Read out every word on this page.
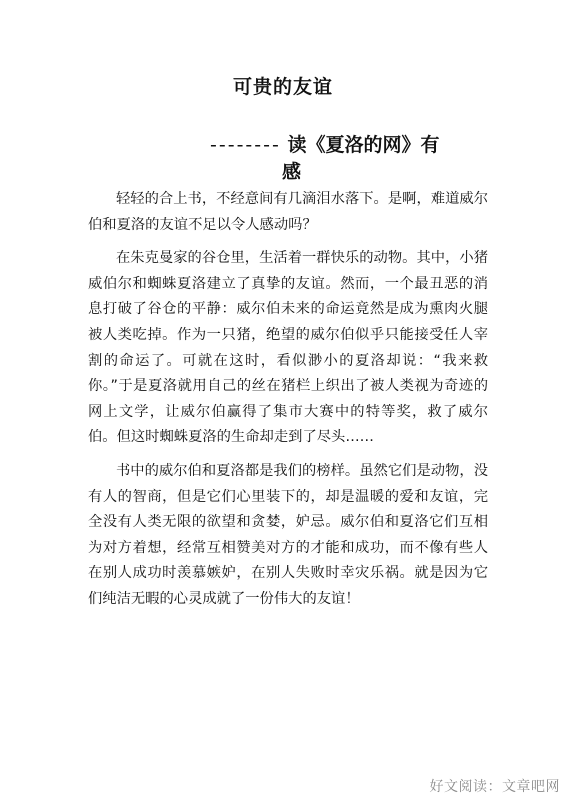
可贵的友谊
-------- 读《夏洛的网》有
感

轻轻的合上书，不经意间有几滴泪水落下。是啊，难道威尔伯和夏洛的友谊不足以令人感动吗？

在朱克曼家的谷仓里，生活着一群快乐的动物。其中，小猪威伯尔和蜘蛛夏洛建立了真挚的友谊。然而，一个最丑恶的消息打破了谷仓的平静：威尔伯未来的命运竟然是成为熏肉火腿被人类吃掉。作为一只猪，绝望的威尔伯似乎只能接受任人宰割的命运了。可就在这时，看似渺小的夏洛却说：“我来救你。”于是夏洛就用自己的丝在猪栏上织出了被人类视为奇迹的网上文学，让威尔伯赢得了集市大赛中的特等奖，救了威尔伯。但这时蜘蛛夏洛的生命却走到了尽头……

书中的威尔伯和夏洛都是我们的榜样。虽然它们是动物，没有人的智商，但是它们心里装下的，却是温暖的爱和友谊，完全没有人类无限的欲望和贪婪，妒忌。威尔伯和夏洛它们互相为对方着想，经常互相赞美对方的才能和成功，而不像有些人在别人成功时羡慕嫉妒，在别人失败时幸灾乐祸。就是因为它们纯洁无暇的心灵成就了一份伟大的友谊！

好文阅读：文章吧网
